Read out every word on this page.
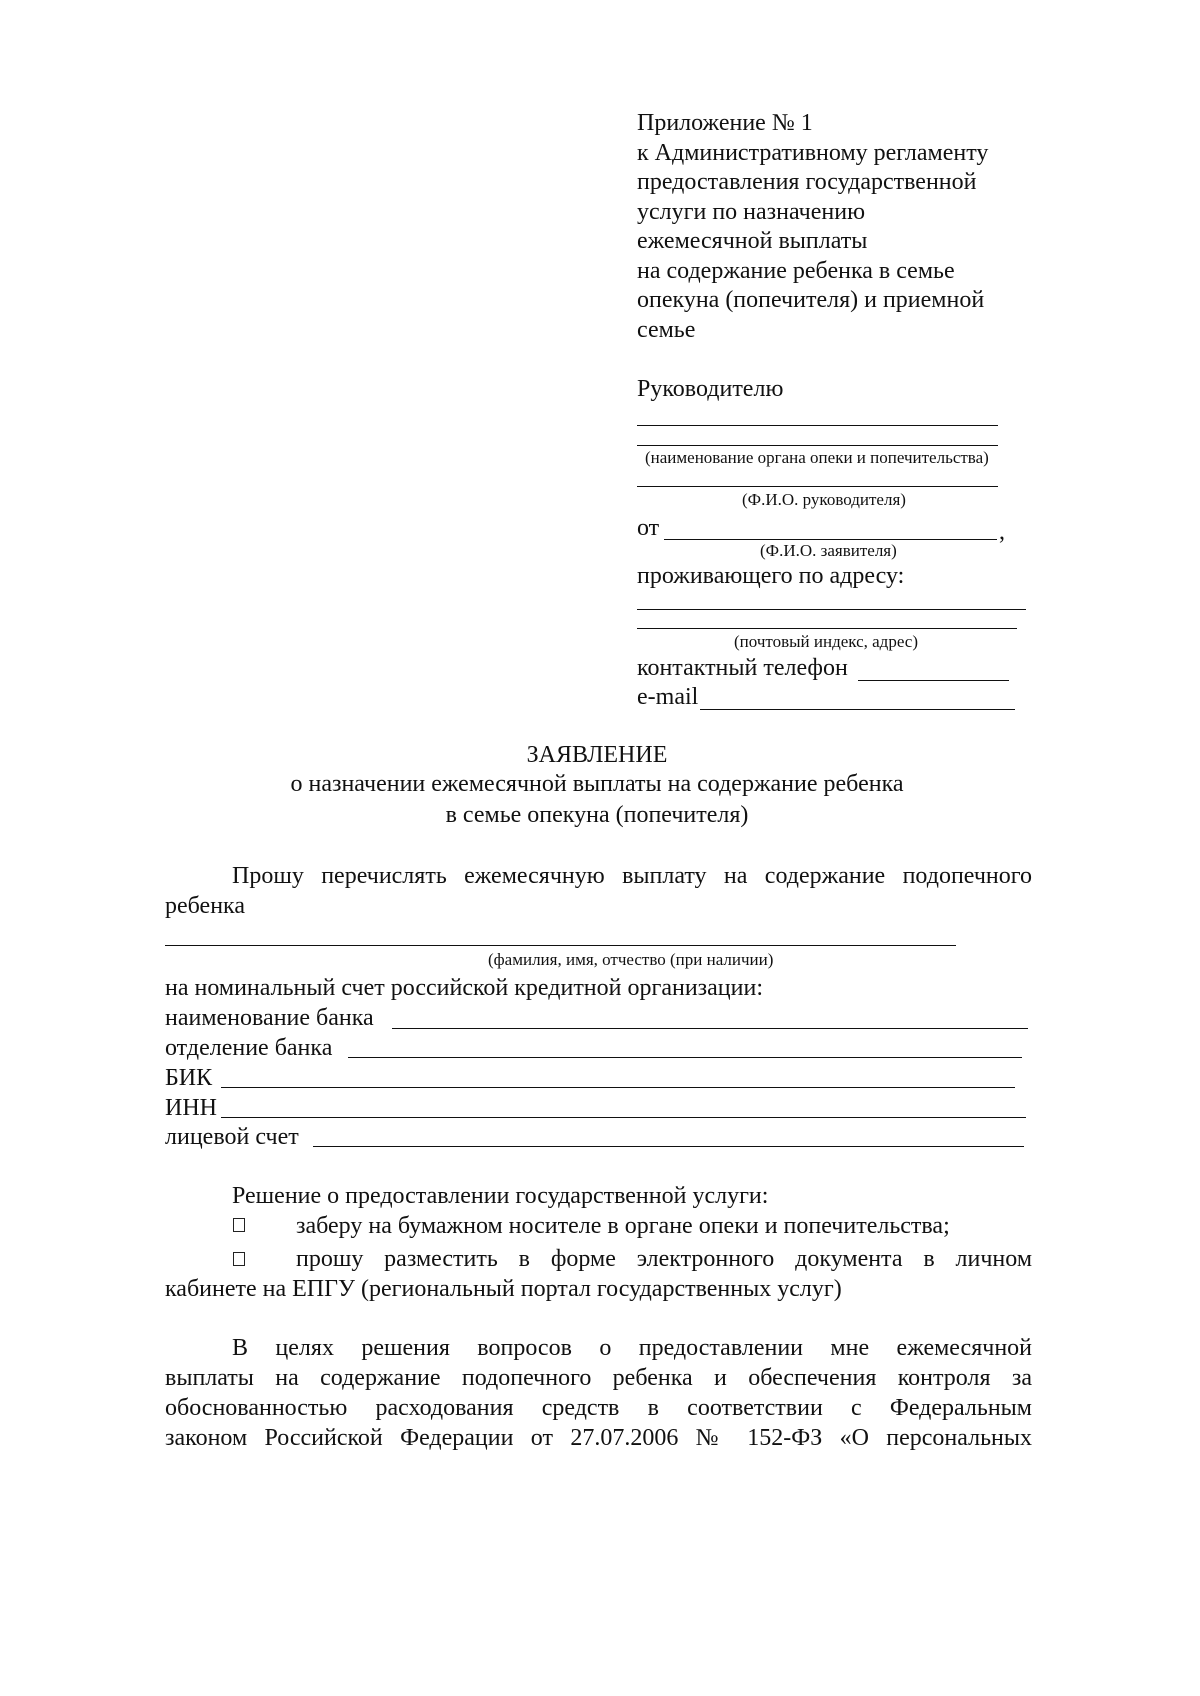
Приложение № 1
к Административному регламенту
предоставления государственной
услуги по назначению
ежемесячной выплаты
на содержание ребенка в семье
опекуна (попечителя) и приемной
семье
Руководителю
(наименование органа опеки и попечительства)
(Ф.И.О. руководителя)
от	,
(Ф.И.О. заявителя)
проживающего по адресу:
(почтовый индекс, адрес)
контактный телефон
e-mail
ЗАЯВЛЕНИЕ
о назначении ежемесячной выплаты на содержание ребенка
в семье опекуна (попечителя)
Прошу перечислять ежемесячную выплату на содержание подопечного
ребенка
(фамилия, имя, отчество (при наличии)
на номинальный счет российской кредитной организации:
наименование банка
отделение банка
БИК
ИНН
лицевой счет
Решение о предоставлении государственной услуги:
заберу на бумажном носителе в органе опеки и попечительства;
прошу разместить в форме электронного документа в личном
кабинете на ЕПГУ (региональный портал государственных услуг)
В целях решения вопросов о предоставлении мне ежемесячной
выплаты на содержание подопечного ребенка и обеспечения контроля за
обоснованностью расходования средств в соответствии с Федеральным
законом Российской Федерации от 27.07.2006 № 152-ФЗ «О персональных
